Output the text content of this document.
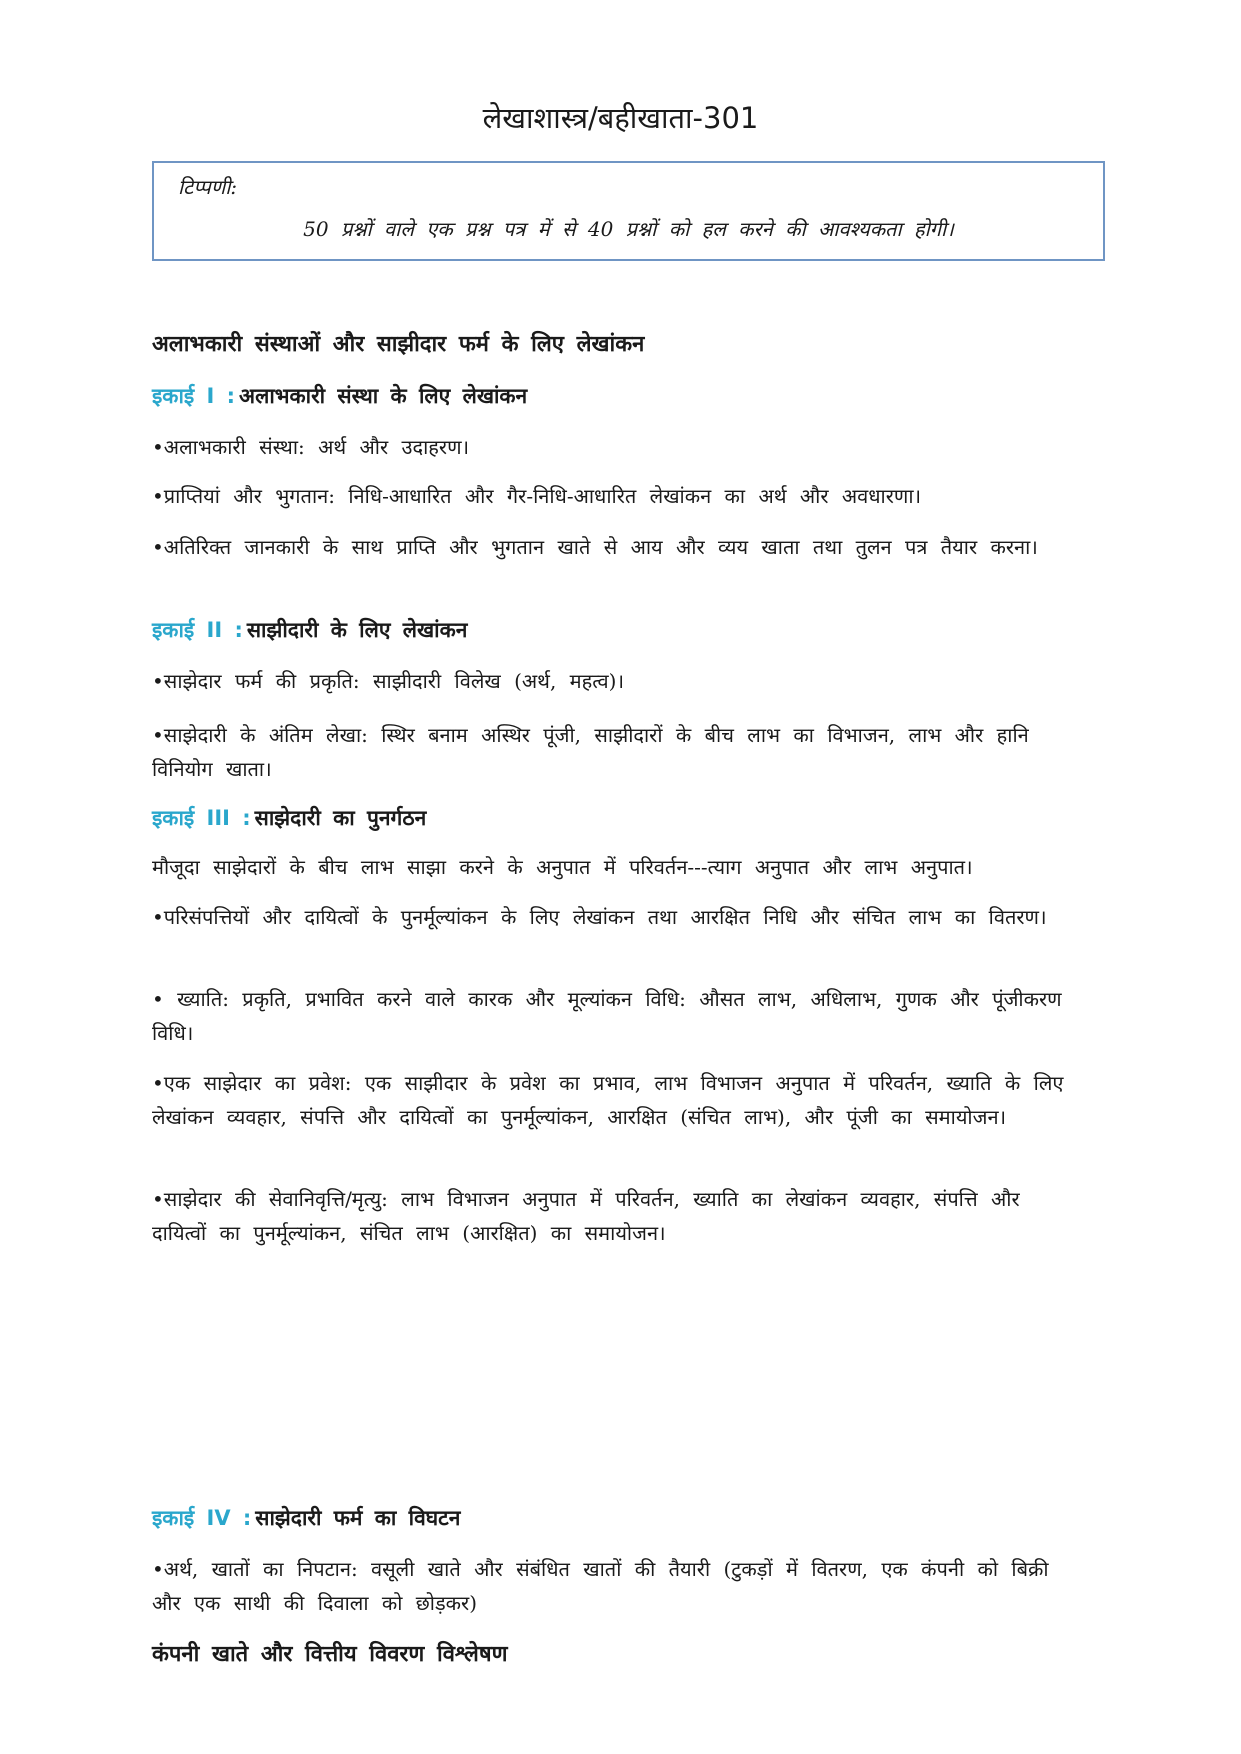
लेखाशास्त्र/बहीखाता-301
टिप्पणी:
50 प्रश्नों वाले एक प्रश्न पत्र में से 40 प्रश्नों को हल करने की आवश्यकता होगी।
अलाभकारी संस्थाओं और साझीदार फर्म के लिए लेखांकन
इकाई I : अलाभकारी संस्था के लिए लेखांकन
•अलाभकारी संस्था: अर्थ और उदाहरण।
•प्राप्तियां और भुगतान: निधि-आधारित और गैर-निधि-आधारित लेखांकन का अर्थ और अवधारणा।
•अतिरिक्त जानकारी के साथ प्राप्ति और भुगतान खाते से आय और व्यय खाता तथा तुलन पत्र तैयार करना।
इकाई II : साझीदारी के लिए लेखांकन
•साझेदार फर्म की प्रकृति: साझीदारी विलेख (अर्थ, महत्व)।
•साझेदारी के अंतिम लेखा: स्थिर बनाम अस्थिर पूंजी, साझीदारों के बीच लाभ का विभाजन, लाभ और हानि विनियोग खाता।
इकाई III : साझेदारी का पुनर्गठन
मौजूदा साझेदारों के बीच लाभ साझा करने के अनुपात में परिवर्तन---त्याग अनुपात और लाभ अनुपात।
•परिसंपत्तियों और दायित्वों के पुनर्मूल्यांकन के लिए लेखांकन तथा आरक्षित निधि और संचित लाभ का वितरण।
• ख्याति: प्रकृति, प्रभावित करने वाले कारक और मूल्यांकन विधि: औसत लाभ, अधिलाभ, गुणक और पूंजीकरण विधि।
•एक साझेदार का प्रवेश: एक साझीदार के प्रवेश का प्रभाव, लाभ विभाजन अनुपात में परिवर्तन, ख्याति के लिए लेखांकन व्यवहार, संपत्ति और दायित्वों का पुनर्मूल्यांकन, आरक्षित (संचित लाभ), और पूंजी का समायोजन।
•साझेदार की सेवानिवृत्ति/मृत्यु: लाभ विभाजन अनुपात में परिवर्तन, ख्याति का लेखांकन व्यवहार, संपत्ति और दायित्वों का पुनर्मूल्यांकन, संचित लाभ (आरक्षित) का समायोजन।
इकाई IV : साझेदारी फर्म का विघटन
•अर्थ, खातों का निपटान: वसूली खाते और संबंधित खातों की तैयारी (टुकड़ों में वितरण, एक कंपनी को बिक्री और एक साथी की दिवाला को छोड़कर)
कंपनी खाते और वित्तीय विवरण विश्लेषण
